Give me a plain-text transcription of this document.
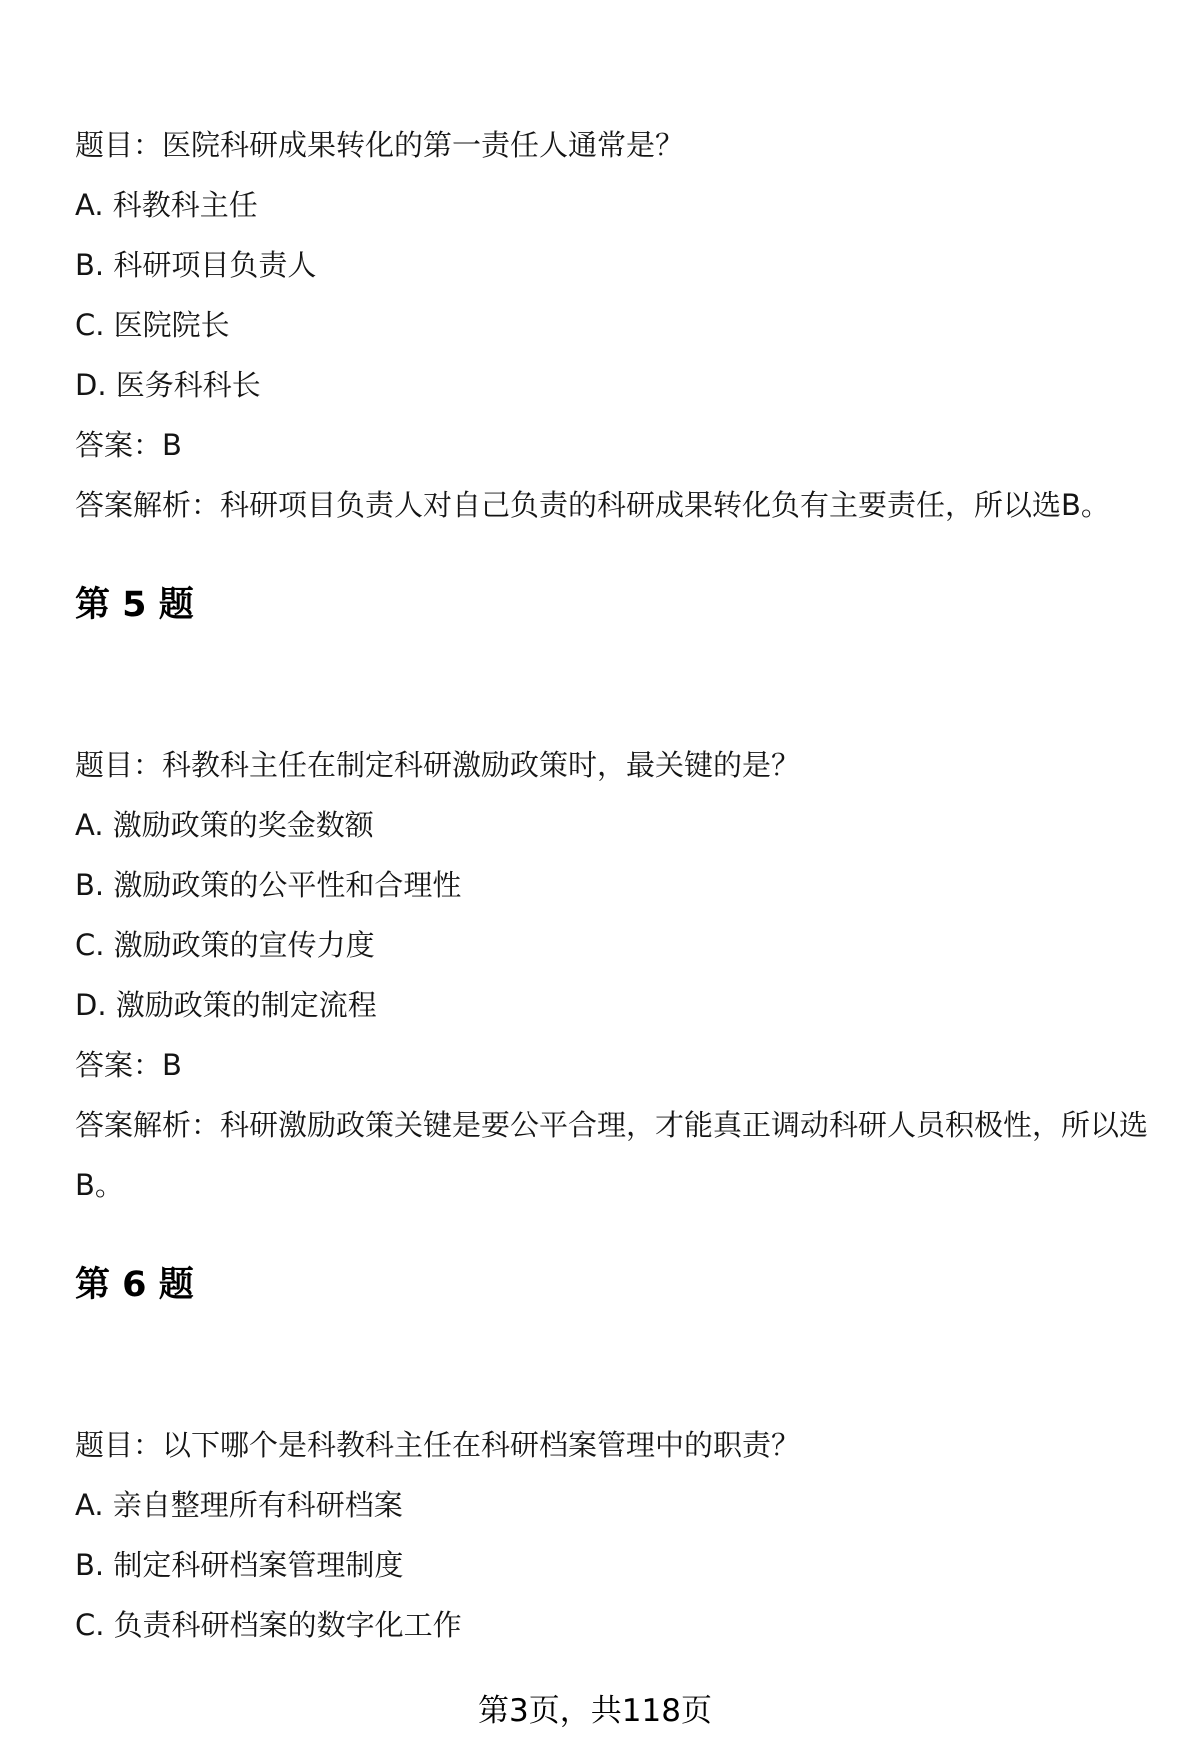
题目：医院科研成果转化的第一责任人通常是？
A. 科教科主任
B. 科研项目负责人
C. 医院院长
D. 医务科科长
答案：B
答案解析：科研项目负责人对自己负责的科研成果转化负有主要责任，所以选B。
第 5 题
题目：科教科主任在制定科研激励政策时，最关键的是？
A. 激励政策的奖金数额
B. 激励政策的公平性和合理性
C. 激励政策的宣传力度
D. 激励政策的制定流程
答案：B
答案解析：科研激励政策关键是要公平合理，才能真正调动科研人员积极性，所以选B。
第 6 题
题目：以下哪个是科教科主任在科研档案管理中的职责？
A. 亲自整理所有科研档案
B. 制定科研档案管理制度
C. 负责科研档案的数字化工作
第3页，共118页
